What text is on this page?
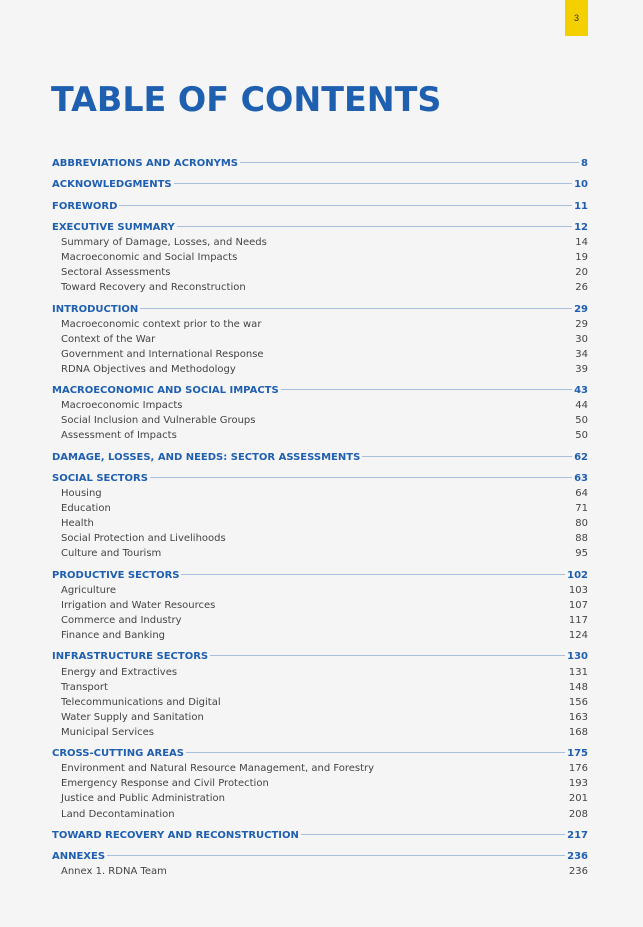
3
TABLE OF CONTENTS
ABBREVIATIONS AND ACRONYMS	8
ACKNOWLEDGMENTS	10
FOREWORD	11
EXECUTIVE SUMMARY	12
Summary of Damage, Losses, and Needs	14
Macroeconomic and Social Impacts	19
Sectoral Assessments	20
Toward Recovery and Reconstruction	26
INTRODUCTION	29
Macroeconomic context prior to the war	29
Context of the War	30
Government and International Response	34
RDNA Objectives and Methodology	39
MACROECONOMIC AND SOCIAL IMPACTS	43
Macroeconomic Impacts	44
Social Inclusion and Vulnerable Groups	50
Assessment of Impacts	50
DAMAGE, LOSSES, AND NEEDS: SECTOR ASSESSMENTS	62
SOCIAL SECTORS	63
Housing	64
Education	71
Health	80
Social Protection and Livelihoods	88
Culture and Tourism	95
PRODUCTIVE SECTORS	102
Agriculture	103
Irrigation and Water Resources	107
Commerce and Industry	117
Finance and Banking	124
INFRASTRUCTURE SECTORS	130
Energy and Extractives	131
Transport	148
Telecommunications and Digital	156
Water Supply and Sanitation	163
Municipal Services	168
CROSS-CUTTING AREAS	175
Environment and Natural Resource Management, and Forestry	176
Emergency Response and Civil Protection	193
Justice and Public Administration	201
Land Decontamination	208
TOWARD RECOVERY AND RECONSTRUCTION	217
ANNEXES	236
Annex 1. RDNA Team	236
